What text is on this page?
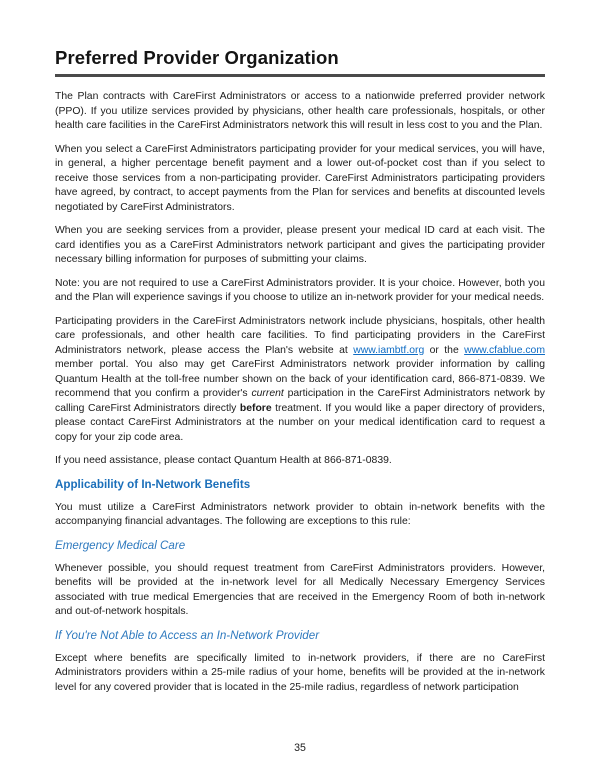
Preferred Provider Organization

The Plan contracts with CareFirst Administrators or access to a nationwide preferred provider network (PPO). If you utilize services provided by physicians, other health care professionals, hospitals, or other health care facilities in the CareFirst Administrators network this will result in less cost to you and the Plan.

When you select a CareFirst Administrators participating provider for your medical services, you will have, in general, a higher percentage benefit payment and a lower out-of-pocket cost than if you select to receive those services from a non-participating provider. CareFirst Administrators participating providers have agreed, by contract, to accept payments from the Plan for services and benefits at discounted levels negotiated by CareFirst Administrators.

When you are seeking services from a provider, please present your medical ID card at each visit. The card identifies you as a CareFirst Administrators network participant and gives the participating provider necessary billing information for purposes of submitting your claims.

Note: you are not required to use a CareFirst Administrators provider. It is your choice. However, both you and the Plan will experience savings if you choose to utilize an in-network provider for your medical needs.

Participating providers in the CareFirst Administrators network include physicians, hospitals, other health care professionals, and other health care facilities. To find participating providers in the CareFirst Administrators network, please access the Plan's website at www.iambtf.org or the www.cfablue.com member portal. You also may get CareFirst Administrators network provider information by calling Quantum Health at the toll-free number shown on the back of your identification card, 866-871-0839. We recommend that you confirm a provider's current participation in the CareFirst Administrators network by calling CareFirst Administrators directly before treatment. If you would like a paper directory of providers, please contact CareFirst Administrators at the number on your medical identification card to request a copy for your zip code area.

If you need assistance, please contact Quantum Health at 866-871-0839.

Applicability of In-Network Benefits

You must utilize a CareFirst Administrators network provider to obtain in-network benefits with the accompanying financial advantages. The following are exceptions to this rule:

Emergency Medical Care

Whenever possible, you should request treatment from CareFirst Administrators providers. However, benefits will be provided at the in-network level for all Medically Necessary Emergency Services associated with true medical Emergencies that are received in the Emergency Room of both in-network and out-of-network hospitals.

If You're Not Able to Access an In-Network Provider

Except where benefits are specifically limited to in-network providers, if there are no CareFirst Administrators providers within a 25-mile radius of your home, benefits will be provided at the in-network level for any covered provider that is located in the 25-mile radius, regardless of network participation

35
